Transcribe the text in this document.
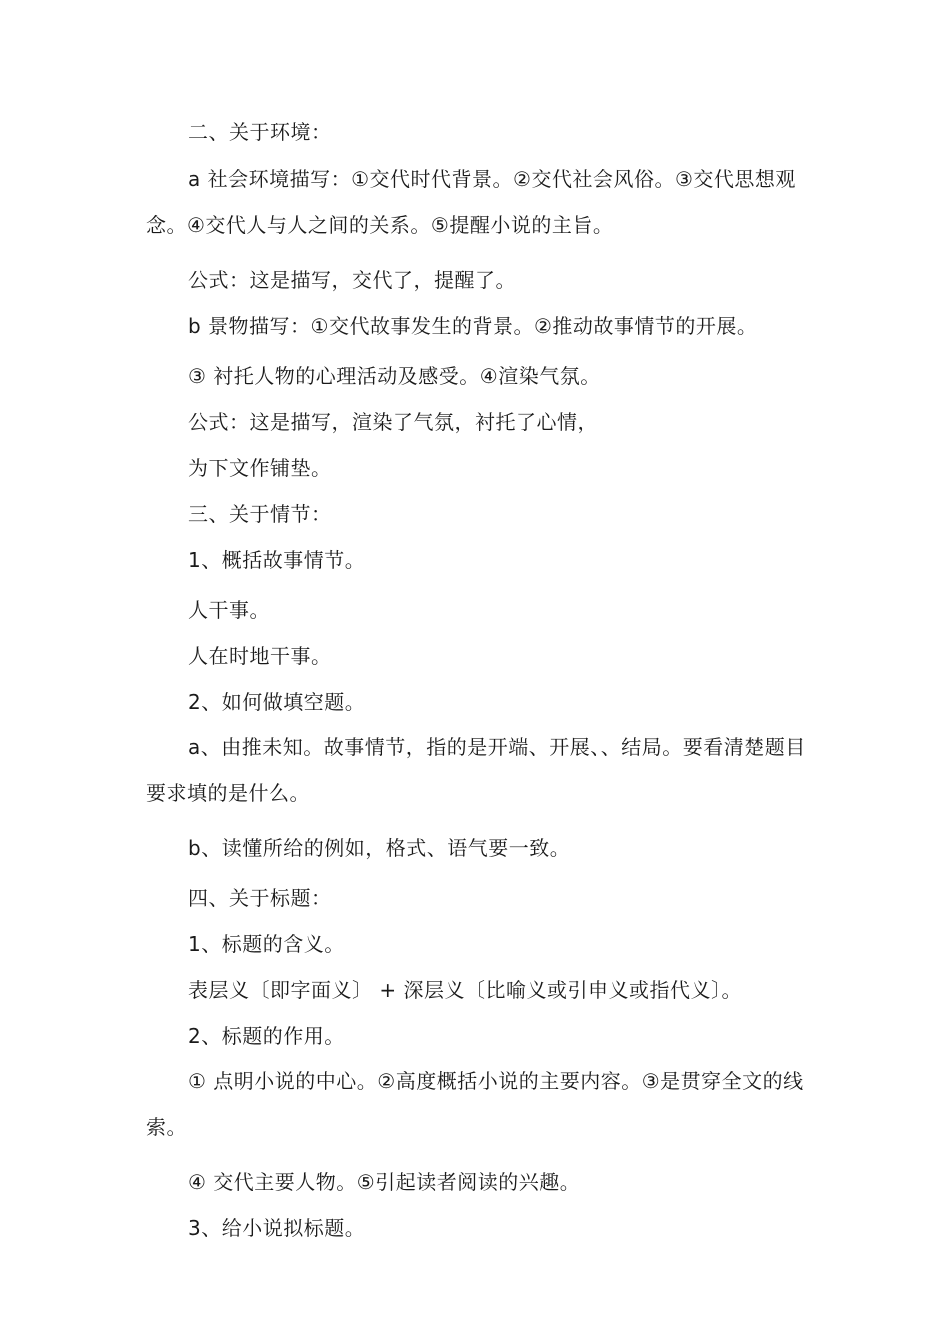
二、关于环境：

a 社会环境描写：①交代时代背景。②交代社会风俗。③交代思想观念。④交代人与人之间的关系。⑤提醒小说的主旨。

公式：这是描写，交代了，提醒了。

b 景物描写：①交代故事发生的背景。②推动故事情节的开展。

③ 衬托人物的心理活动及感受。④渲染气氛。

公式：这是描写，渲染了气氛，衬托了心情，

为下文作铺垫。

三、关于情节：

1、概括故事情节。

人干事。

人在时地干事。

2、如何做填空题。

a、由推未知。故事情节，指的是开端、开展、、结局。要看清楚题目要求填的是什么。

b、读懂所给的例如，格式、语气要一致。

四、关于标题：

1、标题的含义。

表层义〔即字面义〕 + 深层义〔比喻义或引申义或指代义〕。

2、标题的作用。

① 点明小说的中心。②高度概括小说的主要内容。③是贯穿全文的线索。

④ 交代主要人物。⑤引起读者阅读的兴趣。

3、给小说拟标题。
